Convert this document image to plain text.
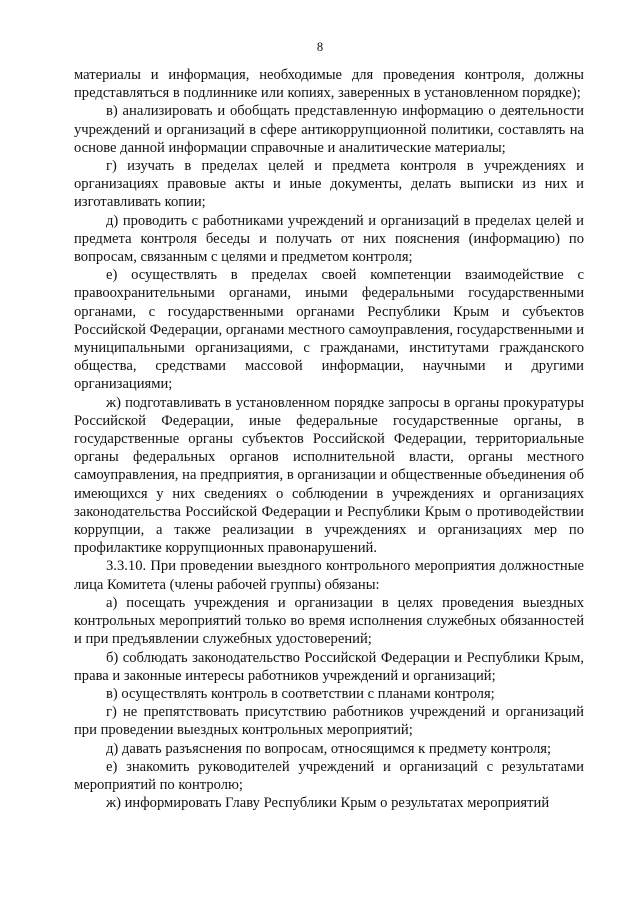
8

материалы и информация, необходимые для проведения контроля, должны представляться в подлиннике или копиях, заверенных в установленном порядке);

в) анализировать и обобщать представленную информацию о деятельности учреждений и организаций в сфере антикоррупционной политики, составлять на основе данной информации справочные и аналитические материалы;

г) изучать в пределах целей и предмета контроля в учреждениях и организациях правовые акты и иные документы, делать выписки из них и изготавливать копии;

д) проводить с работниками учреждений и организаций в пределах целей и предмета контроля беседы и получать от них пояснения (информацию) по вопросам, связанным с целями и предметом контроля;

е) осуществлять в пределах своей компетенции взаимодействие с правоохранительными органами, иными федеральными государственными органами, с государственными органами Республики Крым и субъектов Российской Федерации, органами местного самоуправления, государственными и муниципальными организациями, с гражданами, институтами гражданского общества, средствами массовой информации, научными и другими организациями;

ж) подготавливать в установленном порядке запросы в органы прокуратуры Российской Федерации, иные федеральные государственные органы, в государственные органы субъектов Российской Федерации, территориальные органы федеральных органов исполнительной власти, органы местного самоуправления, на предприятия, в организации и общественные объединения об имеющихся у них сведениях о соблюдении в учреждениях и организациях законодательства Российской Федерации и Республики Крым о противодействии коррупции, а также реализации в учреждениях и организациях мер по профилактике коррупционных правонарушений.

3.3.10. При проведении выездного контрольного мероприятия должностные лица Комитета (члены рабочей группы) обязаны:

а) посещать учреждения и организации в целях проведения выездных контрольных мероприятий только во время исполнения служебных обязанностей и при предъявлении служебных удостоверений;

б) соблюдать законодательство Российской Федерации и Республики Крым, права и законные интересы работников учреждений и организаций;

в) осуществлять контроль в соответствии с планами контроля;

г) не препятствовать присутствию работников учреждений и организаций при проведении выездных контрольных мероприятий;

д) давать разъяснения по вопросам, относящимся к предмету контроля;

е) знакомить руководителей учреждений и организаций с результатами мероприятий по контролю;

ж) информировать Главу Республики Крым о результатах мероприятий
